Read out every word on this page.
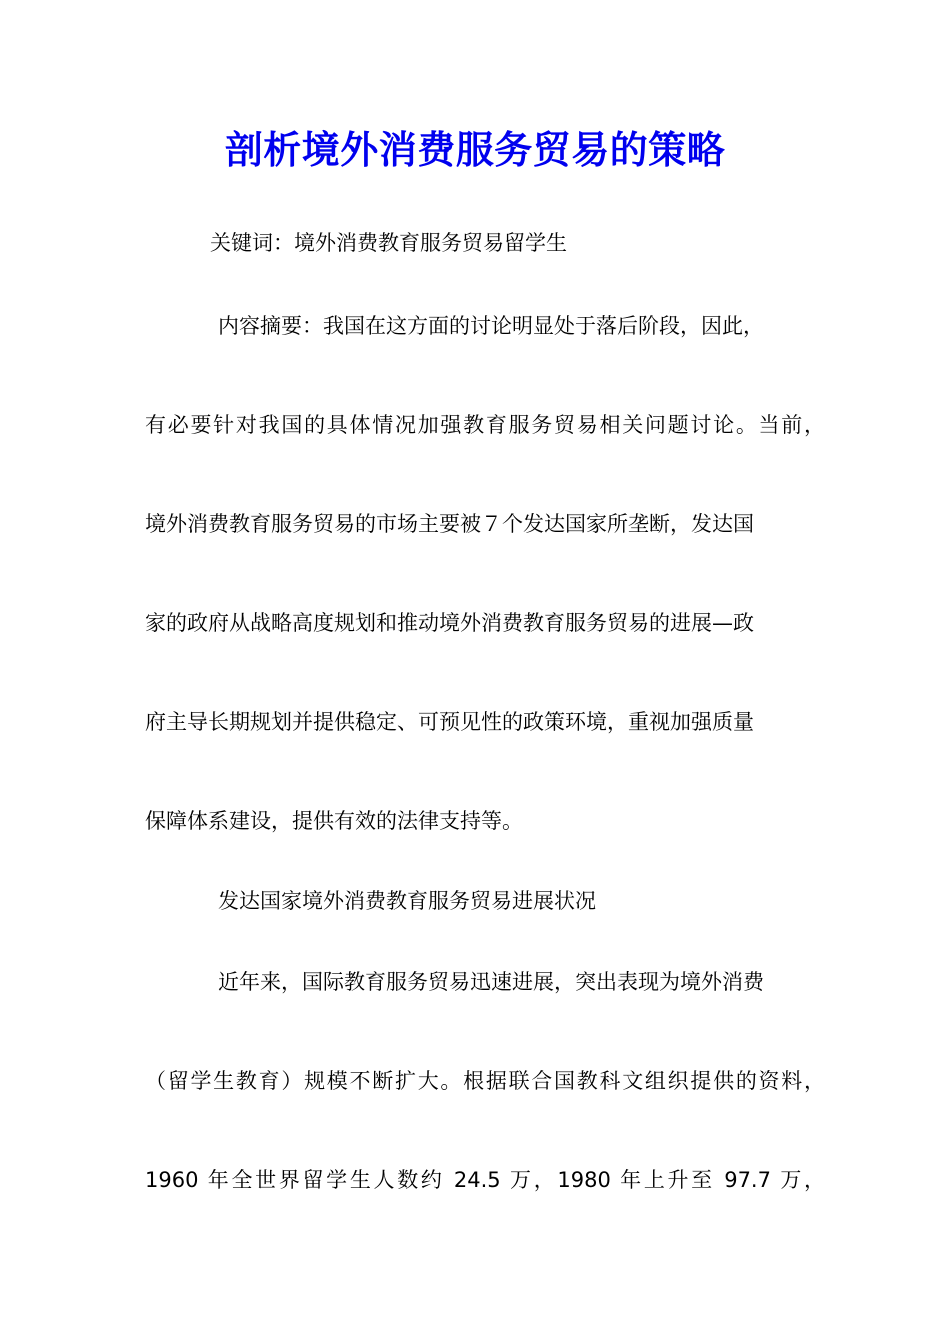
剖析境外消费服务贸易的策略
关键词：境外消费教育服务贸易留学生
内容摘要：我国在这方面的讨论明显处于落后阶段，因此，
有必要针对我国的具体情况加强教育服务贸易相关问题讨论。当前，
境外消费教育服务贸易的市场主要被７个发达国家所垄断，发达国
家的政府从战略高度规划和推动境外消费教育服务贸易的进展—政
府主导长期规划并提供稳定、可预见性的政策环境，重视加强质量
保障体系建设，提供有效的法律支持等。
发达国家境外消费教育服务贸易进展状况
近年来，国际教育服务贸易迅速进展，突出表现为境外消费
（留学生教育）规模不断扩大。根据联合国教科文组织提供的资料，
1960 年全世界留学生人数约 24.5 万，1980 年上升至 97.7 万，
